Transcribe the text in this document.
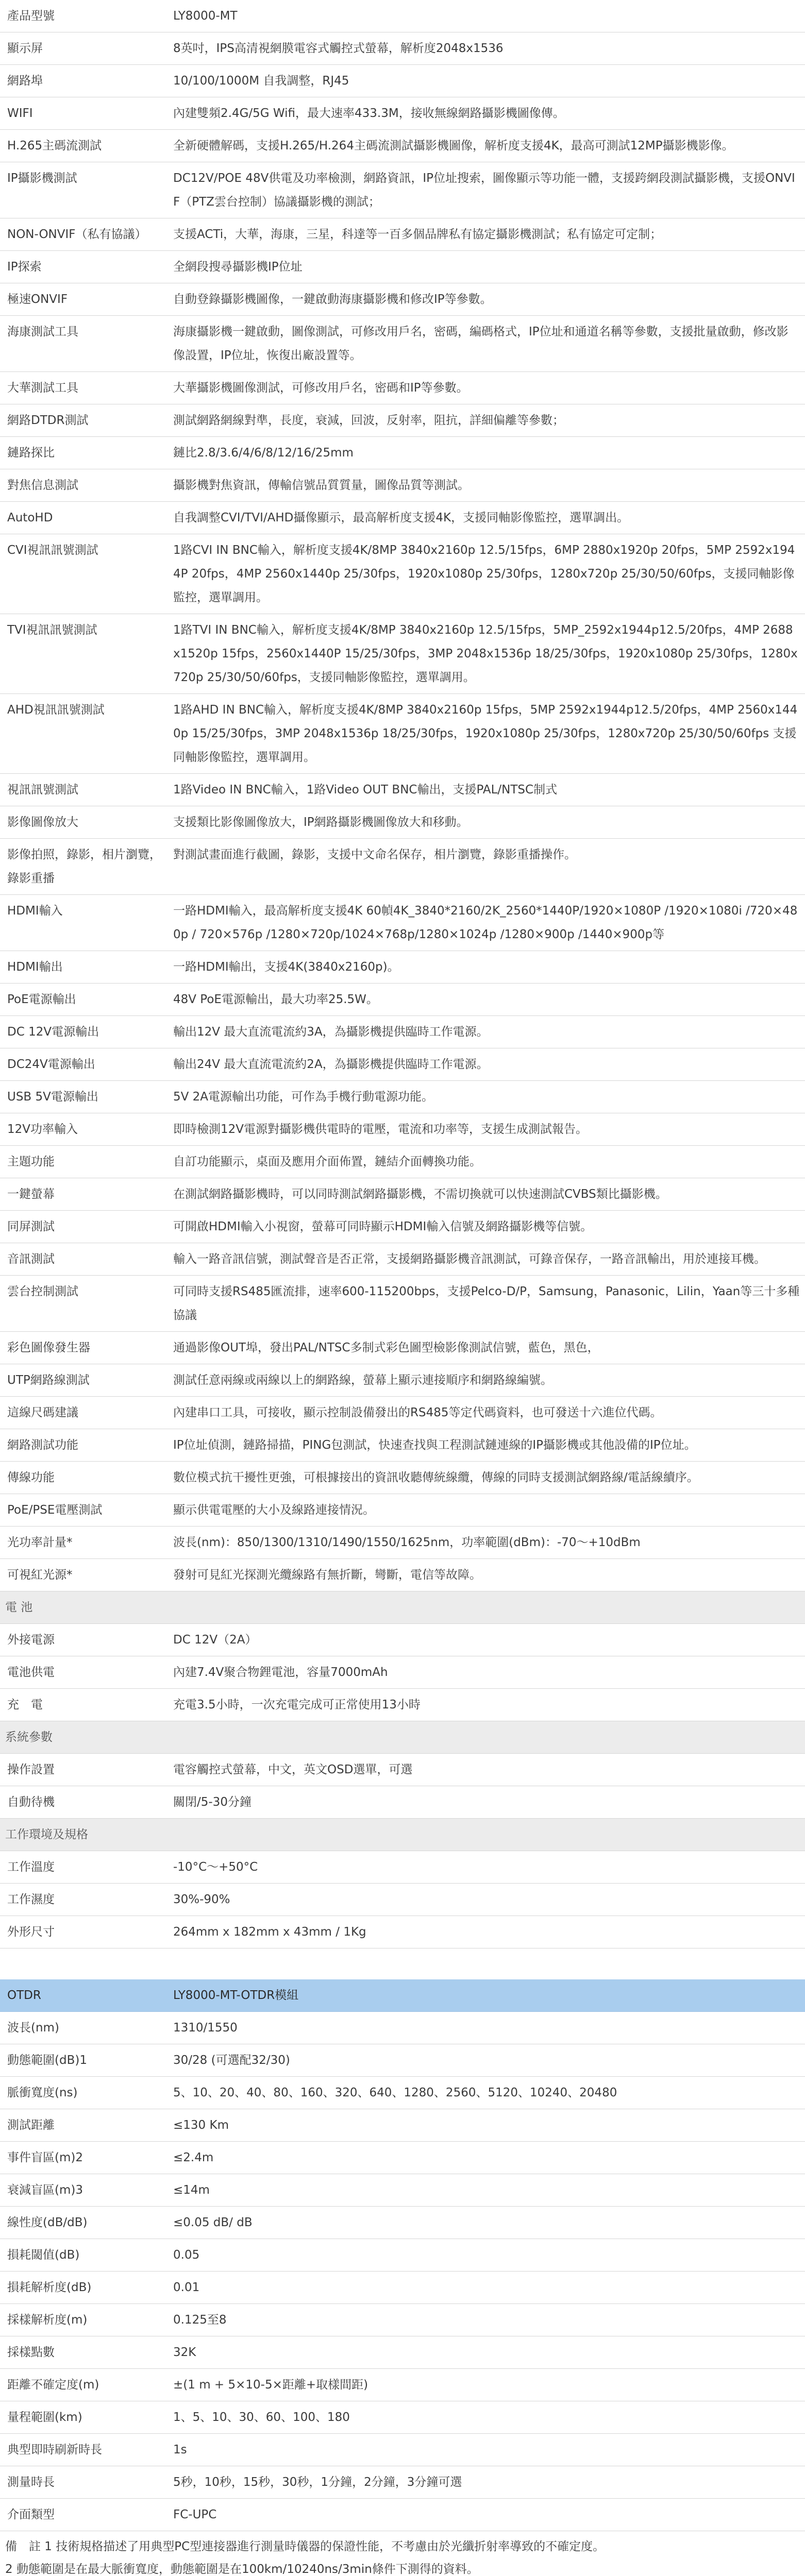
產品型號	LY8000-MT
顯示屏	8英吋，IPS高清視網膜電容式觸控式螢幕，解析度2048x1536
網路埠	10/100/1000M 自我調整，RJ45
WIFI	內建雙頻2.4G/5G Wifi，最大速率433.3M，接收無線網路攝影機圖像傳。
H.265主碼流測試	全新硬體解碼，支援H.265/H.264主碼流測試攝影機圖像，解析度支援4K，最高可測試12MP攝影機影像。
IP攝影機測試	DC12V/POE 48V供電及功率檢測，網路資訊，IP位址搜索，圖像顯示等功能一體，支援跨網段測試攝影機，支援ONVIF（PTZ雲台控制）協議攝影機的測試；
NON-ONVIF（私有協議）	支援ACTi，大華，海康，三星，科達等一百多個品牌私有協定攝影機測試；私有協定可定制；
IP探索	全網段搜尋攝影機IP位址
極速ONVIF	自動登錄攝影機圖像，一鍵啟動海康攝影機和修改IP等參數。
海康測試工具	海康攝影機一鍵啟動，圖像測試，可修改用戶名，密碼，編碼格式，IP位址和通道名稱等參數，支援批量啟動，修改影像設置，IP位址，恢復出廠設置等。
大華測試工具	大華攝影機圖像測試，可修改用戶名，密碼和IP等參數。
網路DTDR測試	測試網路網線對準，長度，衰減，回波，反射率，阻抗，詳細偏離等參數；
鏈路探比	鏈比2.8/3.6/4/6/8/12/16/25mm
對焦信息測試	攝影機對焦資訊，傳輸信號品質質量，圖像品質等測試。
AutoHD	自我調整CVI/TVI/AHD攝像顯示，最高解析度支援4K，支援同軸影像監控，選單調出。
CVI視訊訊號測試	1路CVI IN BNC輸入，解析度支援4K/8MP 3840x2160p 12.5/15fps，6MP 2880x1920p 20fps，5MP 2592x1944P 20fps，4MP 2560x1440p 25/30fps，1920x1080p 25/30fps，1280x720p 25/30/50/60fps，支援同軸影像監控，選單調用。
TVI視訊訊號測試	1路TVI IN BNC輸入，解析度支援4K/8MP 3840x2160p 12.5/15fps，5MP_2592x1944p12.5/20fps，4MP 2688x1520p 15fps，2560x1440P 15/25/30fps，3MP 2048x1536p 18/25/30fps，1920x1080p 25/30fps，1280x720p 25/30/50/60fps，支援同軸影像監控，選單調用。
AHD視訊訊號測試	1路AHD IN BNC輸入，解析度支援4K/8MP 3840x2160p 15fps，5MP 2592x1944p12.5/20fps，4MP 2560x1440p 15/25/30fps，3MP 2048x1536p 18/25/30fps，1920x1080p 25/30fps，1280x720p 25/30/50/60fps 支援同軸影像監控，選單調用。
視訊訊號測試	1路Video IN BNC輸入，1路Video OUT BNC輸出，支援PAL/NTSC制式
影像圖像放大	支援類比影像圖像放大，IP網路攝影機圖像放大和移動。
影像拍照，錄影，相片瀏覽，錄影重播	對測試畫面進行截圖，錄影，支援中文命名保存，相片瀏覽，錄影重播操作。
HDMI輸入	一路HDMI輸入，最高解析度支援4K 60幀4K_3840*2160/2K_2560*1440P/1920×1080P /1920×1080i /720×480p / 720×576p /1280×720p/1024×768p/1280×1024p /1280×900p /1440×900p等
HDMI輸出	一路HDMI輸出，支援4K(3840x2160p)。
PoE電源輸出	48V PoE電源輸出，最大功率25.5W。
DC 12V電源輸出	輸出12V 最大直流電流約3A，為攝影機提供臨時工作電源。
DC24V電源輸出	輸出24V 最大直流電流約2A，為攝影機提供臨時工作電源。
USB 5V電源輸出	5V 2A電源輸出功能，可作為手機行動電源功能。
12V功率輸入	即時檢測12V電源對攝影機供電時的電壓，電流和功率等，支援生成測試報告。
主題功能	自訂功能顯示，桌面及應用介面佈置，鏈結介面轉換功能。
一鍵螢幕	在測試網路攝影機時，可以同時測試網路攝影機，不需切換就可以快速測試CVBS類比攝影機。
同屏測試	可開啟HDMI輸入小視窗，螢幕可同時顯示HDMI輸入信號及網路攝影機等信號。
音訊測試	輸入一路音訊信號，測試聲音是否正常，支援網路攝影機音訊測試，可錄音保存，一路音訊輸出，用於連接耳機。
雲台控制測試	可同時支援RS485匯流排，速率600-115200bps，支援Pelco-D/P，Samsung，Panasonic，Lilin，Yaan等三十多種協議
彩色圖像發生器	通過影像OUT埠，發出PAL/NTSC多制式彩色圖型檢影像測試信號，藍色，黑色，
UTP網路線測試	測試任意兩線或兩線以上的網路線，螢幕上顯示連接順序和網路線編號。
這線尺碼建議	內建串口工具，可接收，顯示控制設備發出的RS485等定代碼資料，也可發送十六進位代碼。
網路測試功能	IP位址偵測，鏈路掃描，PING包測試，快速查找與工程測試鏈連線的IP攝影機或其他設備的IP位址。
傳線功能	數位模式抗干擾性更強，可根據接出的資訊收聽傳統線纜，傳線的同時支援測試網路線/電話線續序。
PoE/PSE電壓測試	顯示供電電壓的大小及線路連接情況。
光功率計量*	波長(nm)：850/1300/1310/1490/1550/1625nm，功率範圍(dBm)：-70～+10dBm
可視紅光源*	發射可見紅光探測光纜線路有無折斷，彎斷，電信等故障。
電 池	
外接電源	DC 12V（2A）
電池供電	內建7.4V聚合物鋰電池，容量7000mAh
充　電	充電3.5小時，一次充電完成可正常使用13小時
系統參數	
操作設置	電容觸控式螢幕，中文，英文OSD選單，可選
自動待機	關閉/5-30分鐘
工作環境及規格	
工作溫度	-10°C～+50°C
工作濕度	30%-90%
外形尺寸	264mm x 182mm x 43mm / 1Kg

OTDR	LY8000-MT-OTDR模組
波長(nm)	1310/1550
動態範圍(dB)1	30/28 (可選配32/30)
脈衝寬度(ns)	5、10、20、40、80、160、320、640、1280、2560、5120、10240、20480
測試距離	≤130 Km
事件盲區(m)2	≤2.4m
衰減盲區(m)3	≤14m
線性度(dB/dB)	≤0.05 dB/ dB
損耗閾值(dB)	0.05
損耗解析度(dB)	0.01
採樣解析度(m)	0.125至8
採樣點數	32K
距離不確定度(m)	±(1 m + 5×10-5×距離+取樣間距)
量程範圍(km)	1、5、10、30、60、100、180
典型即時刷新時長	1s
測量時長	5秒，10秒，15秒，30秒，1分鐘，2分鐘，3分鐘可選
介面類型	FC-UPC
備　註 1 技術規格描述了用典型PC型連接器進行測量時儀器的保證性能，不考慮由於光纖折射率導致的不確定度。
2 動態範圍是在最大脈衝寬度，動態範圍是在100km/10240ns/3min條件下測得的資料。	
